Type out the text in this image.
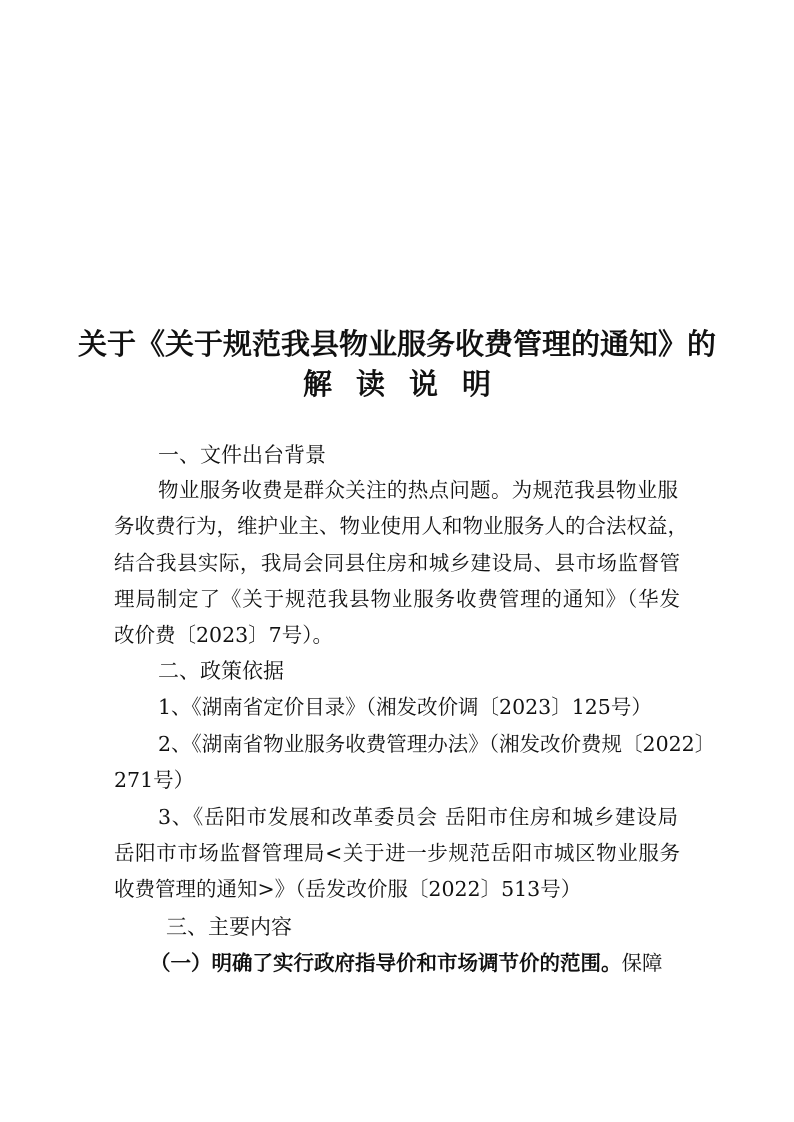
关于《关于规范我县物业服务收费管理的通知》的
解读说明
一、文件出台背景
物业服务收费是群众关注的热点问题。为规范我县物业服
务收费行为，维护业主、物业使用人和物业服务人的合法权益，
结合我县实际，我局会同县住房和城乡建设局、县市场监督管
理局制定了《关于规范我县物业服务收费管理的通知》（华发
改价费〔2023〕7号）。
二、政策依据
1、《湖南省定价目录》（湘发改价调〔2023〕125号）
2、《湖南省物业服务收费管理办法》（湘发改价费规〔2022〕
271号）
3、《岳阳市发展和改革委员会 岳阳市住房和城乡建设局
岳阳市市场监督管理局<关于进一步规范岳阳市城区物业服务
收费管理的通知>》（岳发改价服〔2022〕513号）
三、主要内容
（一）明确了实行政府指导价和市场调节价的范围。保障
